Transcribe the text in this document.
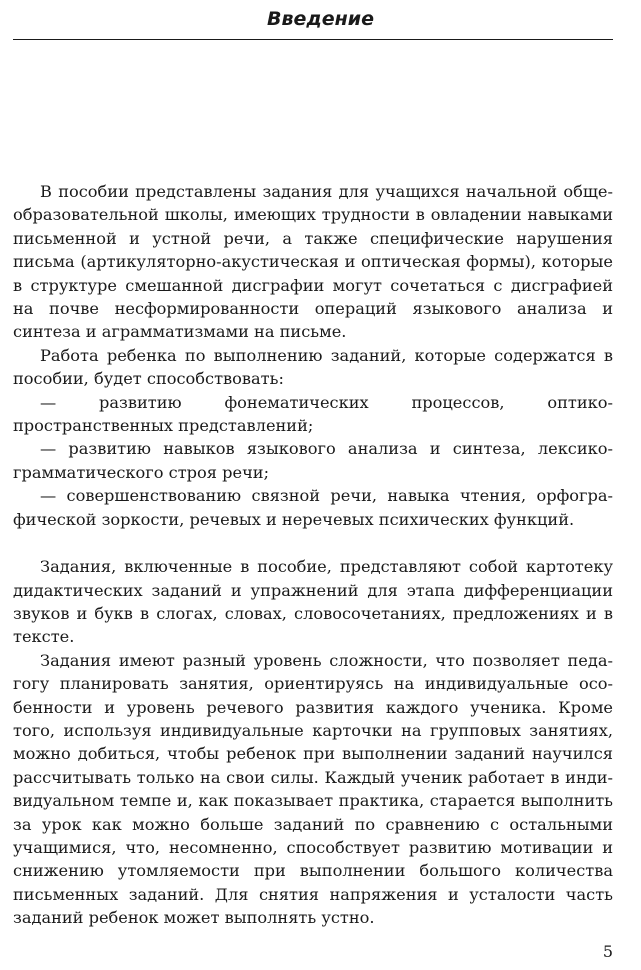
Введение

В пособии представлены задания для учащихся начальной общеобразовательной школы, имеющих трудности в овладении навыками письменной и устной речи, а также специфические нарушения письма (артикуляторно-акустическая и оптическая формы), которые в структуре смешанной дисграфии могут сочетаться с дисграфией на почве несформированности операций языкового анализа и синтеза и аграмматизмами на письме.

Работа ребенка по выполнению заданий, которые содержатся в пособии, будет способствовать:

— развитию фонематических процессов, оптико-пространственных представлений;

— развитию навыков языкового анализа и синтеза, лексико-грамматического строя речи;

— совершенствованию связной речи, навыка чтения, орфографической зоркости, речевых и неречевых психических функций.

Задания, включенные в пособие, представляют собой картотеку дидактических заданий и упражнений для этапа дифференциации звуков и букв в слогах, словах, словосочетаниях, предложениях и в тексте.

Задания имеют разный уровень сложности, что позволяет педагогу планировать занятия, ориентируясь на индивидуальные особенности и уровень речевого развития каждого ученика. Кроме того, используя индивидуальные карточки на групповых занятиях, можно добиться, чтобы ребенок при выполнении заданий научился рассчитывать только на свои силы. Каждый ученик работает в индивидуальном темпе и, как показывает практика, старается выполнить за урок как можно больше заданий по сравнению с остальными учащимися, что, несомненно, способствует развитию мотивации и снижению утомляемости при выполнении большого количества письменных заданий. Для снятия напряжения и усталости часть заданий ребенок может выполнять устно.

5
